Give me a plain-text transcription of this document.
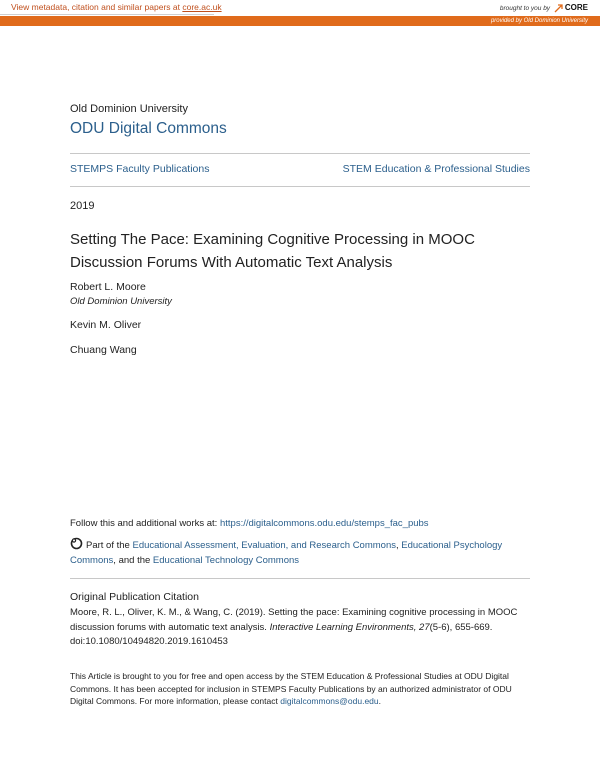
View metadata, citation and similar papers at core.ac.uk	brought to you by CORE
provided by Old Dominion University
Old Dominion University
ODU Digital Commons
STEMPS Faculty Publications	STEM Education & Professional Studies
2019
Setting The Pace: Examining Cognitive Processing in MOOC Discussion Forums With Automatic Text Analysis
Robert L. Moore
Old Dominion University
Kevin M. Oliver
Chuang Wang
Follow this and additional works at: https://digitalcommons.odu.edu/stemps_fac_pubs
Part of the Educational Assessment, Evaluation, and Research Commons, Educational Psychology Commons, and the Educational Technology Commons
Original Publication Citation
Moore, R. L., Oliver, K. M., & Wang, C. (2019). Setting the pace: Examining cognitive processing in MOOC discussion forums with automatic text analysis. Interactive Learning Environments, 27(5-6), 655-669. doi:10.1080/10494820.2019.1610453
This Article is brought to you for free and open access by the STEM Education & Professional Studies at ODU Digital Commons. It has been accepted for inclusion in STEMPS Faculty Publications by an authorized administrator of ODU Digital Commons. For more information, please contact digitalcommons@odu.edu.
